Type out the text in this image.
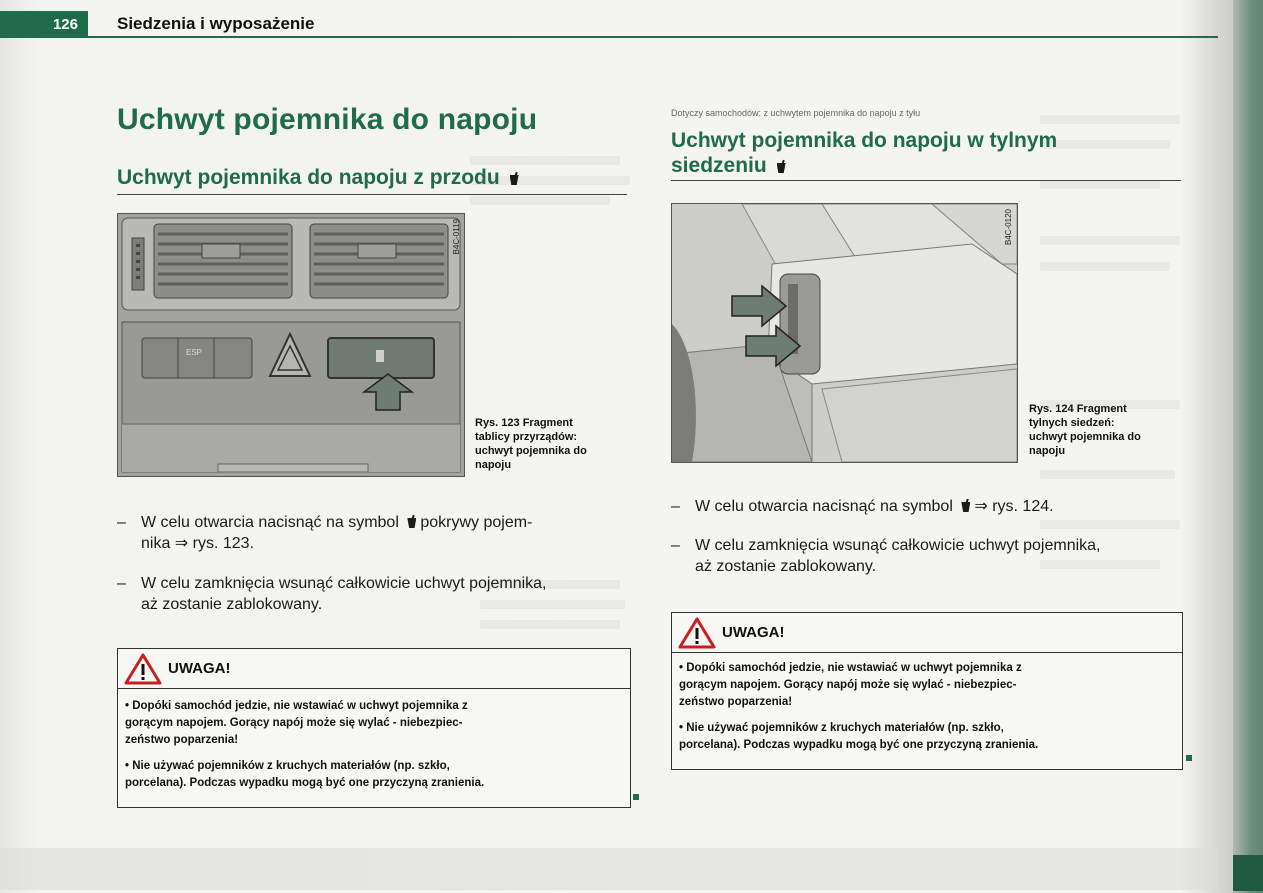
126	Siedzenia i wyposażenie
Uchwyt pojemnika do napoju
Uchwyt pojemnika do napoju z przodu
B4C-0119
ESP
Rys. 123 Fragment
tablicy przyrządów:
uchwyt pojemnika do
napoju
– W celu otwarcia nacisnąć na symbol pokrywy pojem-
nika ⇒ rys. 123.
– W celu zamknięcia wsunąć całkowicie uchwyt pojemnika,
aż zostanie zablokowany.
UWAGA!
• Dopóki samochód jedzie, nie wstawiać w uchwyt pojemnika z
gorącym napojem. Gorący napój może się wylać - niebezpiec-
zeństwo poparzenia!
• Nie używać pojemników z kruchych materiałów (np. szkło,
porcelana). Podczas wypadku mogą być one przyczyną zranienia.
Dotyczy samochodów: z uchwytem pojemnika do napoju z tyłu
Uchwyt pojemnika do napoju w tylnym
siedzeniu
B4C-0120
Rys. 124 Fragment
tylnych siedzeń:
uchwyt pojemnika do
napoju
– W celu otwarcia nacisnąć na symbol ⇒ rys. 124.
– W celu zamknięcia wsunąć całkowicie uchwyt pojemnika,
aż zostanie zablokowany.
UWAGA!
• Dopóki samochód jedzie, nie wstawiać w uchwyt pojemnika z
gorącym napojem. Gorący napój może się wylać - niebezpiec-
zeństwo poparzenia!
• Nie używać pojemników z kruchych materiałów (np. szkło,
porcelana). Podczas wypadku mogą być one przyczyną zranienia.
